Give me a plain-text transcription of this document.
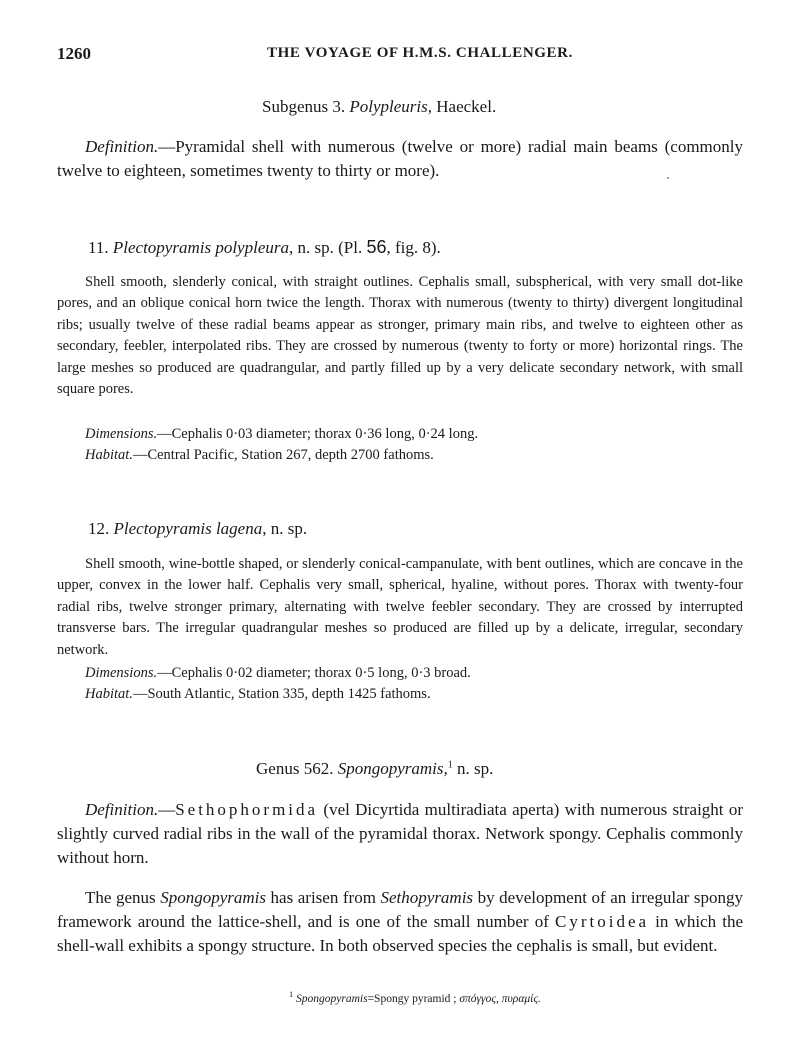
1260	THE VOYAGE OF H.M.S. CHALLENGER.
Subgenus 3. Polypleuris, Haeckel.
Definition.—Pyramidal shell with numerous (twelve or more) radial main beams (commonly twelve to eighteen, sometimes twenty to thirty or more).
11. Plectopyramis polypleura, n. sp. (Pl. 56, fig. 8).
Shell smooth, slenderly conical, with straight outlines. Cephalis small, subspherical, with very small dot-like pores, and an oblique conical horn twice the length. Thorax with numerous (twenty to thirty) divergent longitudinal ribs; usually twelve of these radial beams appear as stronger, primary main ribs, and twelve to eighteen other as secondary, feebler, interpolated ribs. They are crossed by numerous (twenty to forty or more) horizontal rings. The large meshes so produced are quadrangular, and partly filled up by a very delicate secondary network, with small square pores.
Dimensions.—Cephalis 0·03 diameter; thorax 0·36 long, 0·24 long.
Habitat.—Central Pacific, Station 267, depth 2700 fathoms.
12. Plectopyramis lagena, n. sp.
Shell smooth, wine-bottle shaped, or slenderly conical-campanulate, with bent outlines, which are concave in the upper, convex in the lower half. Cephalis very small, spherical, hyaline, without pores. Thorax with twenty-four radial ribs, twelve stronger primary, alternating with twelve feebler secondary. They are crossed by interrupted transverse bars. The irregular quadrangular meshes so produced are filled up by a delicate, irregular, secondary network.
Dimensions.—Cephalis 0·02 diameter; thorax 0·5 long, 0·3 broad.
Habitat.—South Atlantic, Station 335, depth 1425 fathoms.
Genus 562. Spongopyramis,$^1$ n. sp.
Definition.—Sethophormida (vel Dicyrtida multiradiata aperta) with numerous straight or slightly curved radial ribs in the wall of the pyramidal thorax. Network spongy. Cephalis commonly without horn.
The genus Spongopyramis has arisen from Sethopyramis by development of an irregular spongy framework around the lattice-shell, and is one of the small number of Cyrtoidea in which the shell-wall exhibits a spongy structure. In both observed species the cephalis is small, but evident.
$^1$ Spongopyramis=Spongy pyramid ; σπόγγος, πυραμίς.
